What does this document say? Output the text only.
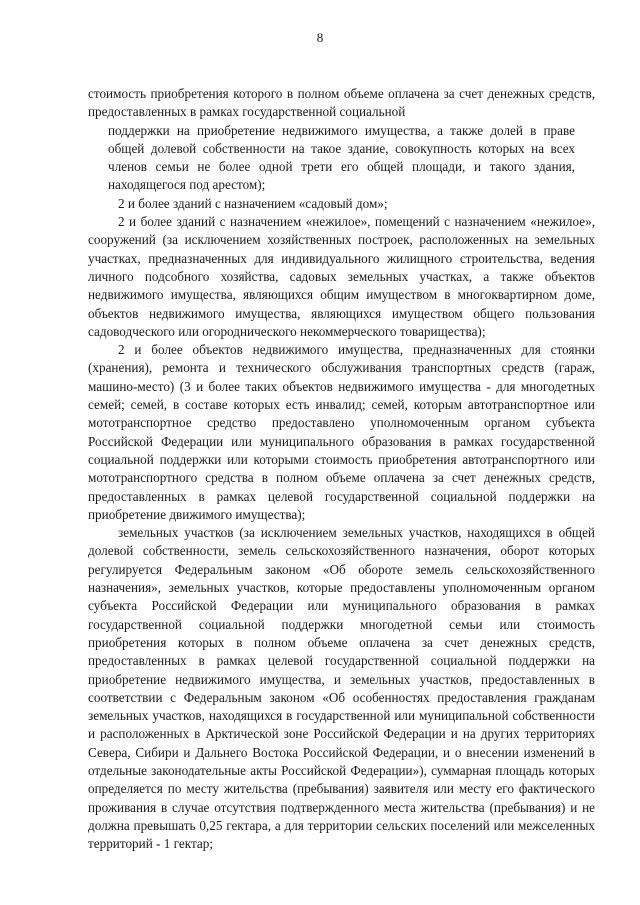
8

стоимость приобретения которого в полном объеме оплачена за счет денежных средств, предоставленных в рамках государственной социальной

поддержки на приобретение недвижимого имущества, а также долей в праве общей долевой собственности на такое здание, совокупность которых на всех членов семьи не более одной трети его общей площади, и такого здания, находящегося под арестом);

2 и более зданий с назначением «садовый дом»;

2 и более зданий с назначением «нежилое», помещений с назначением «нежилое», сооружений (за исключением хозяйственных построек, расположенных на земельных участках, предназначенных для индивидуального жилищного строительства, ведения личного подсобного хозяйства, садовых земельных участках, а также объектов недвижимого имущества, являющихся общим имуществом в многоквартирном доме, объектов недвижимого имущества, являющихся имуществом общего пользования садоводческого или огороднического некоммерческого товарищества);

2 и более объектов недвижимого имущества, предназначенных для стоянки (хранения), ремонта и технического обслуживания транспортных средств (гараж, машино-место) (3 и более таких объектов недвижимого имущества - для многодетных семей; семей, в составе которых есть инвалид; семей, которым автотранспортное или мототранспортное средство предоставлено уполномоченным органом субъекта Российской Федерации или муниципального образования в рамках государственной социальной поддержки или которыми стоимость приобретения автотранспортного или мототранспортного средства в полном объеме оплачена за счет денежных средств, предоставленных в рамках целевой государственной социальной поддержки на приобретение движимого имущества);

земельных участков (за исключением земельных участков, находящихся в общей долевой собственности, земель сельскохозяйственного назначения, оборот которых регулируется Федеральным законом «Об обороте земель сельскохозяйственного назначения», земельных участков, которые предоставлены уполномоченным органом субъекта Российской Федерации или муниципального образования в рамках государственной социальной поддержки многодетной семьи или стоимость приобретения которых в полном объеме оплачена за счет денежных средств, предоставленных в рамках целевой государственной социальной поддержки на приобретение недвижимого имущества, и земельных участков, предоставленных в соответствии с Федеральным законом «Об особенностях предоставления гражданам земельных участков, находящихся в государственной или муниципальной собственности и расположенных в Арктической зоне Российской Федерации и на других территориях Севера, Сибири и Дальнего Востока Российской Федерации, и о внесении изменений в отдельные законодательные акты Российской Федерации»), суммарная площадь которых определяется по месту жительства (пребывания) заявителя или месту его фактического проживания в случае отсутствия подтвержденного места жительства (пребывания) и не должна превышать 0,25 гектара, а для территории сельских поселений или межселенных территорий - 1 гектар;
